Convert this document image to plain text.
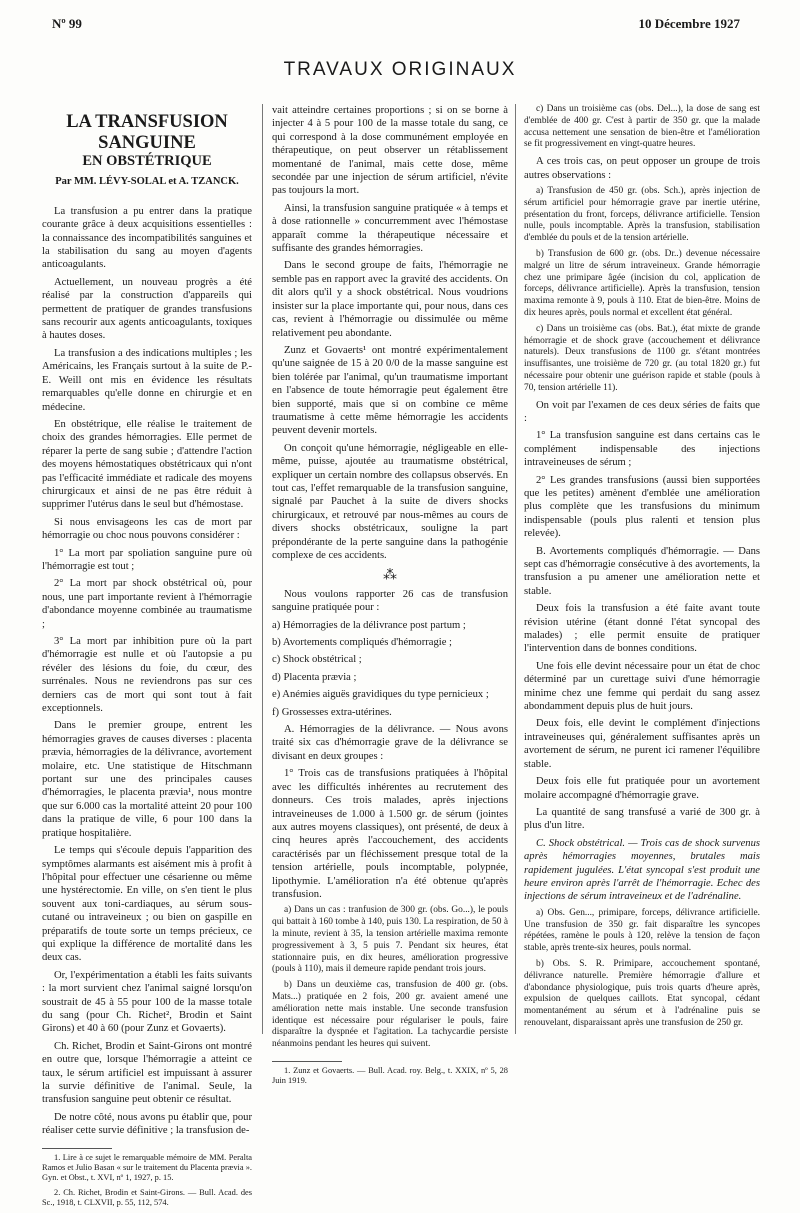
Nº 99	10 Décembre 1927
TRAVAUX ORIGINAUX
LA TRANSFUSION SANGUINE
EN OBSTÉTRIQUE
Par MM. LÉVY-SOLAL et A. TZANCK.

La transfusion a pu entrer dans la pratique courante grâce à deux acquisitions essentielles : la connaissance des incompatibilités sanguines et la stabilisation du sang au moyen d'agents anticoagulants.

Actuellement, un nouveau progrès a été réalisé par la construction d'appareils qui permettent de pratiquer de grandes transfusions sans recourir aux agents anticoagulants, toxiques à hautes doses.

La transfusion a des indications multiples ; les Américains, les Français surtout à la suite de P.-E. Weill ont mis en évidence les résultats remarquables qu'elle donne en chirurgie et en médecine.

En obstétrique, elle réalise le traitement de choix des grandes hémorragies. Elle permet de réparer la perte de sang subie ; d'attendre l'action des moyens hémostatiques obstétricaux qui n'ont pas l'efficacité immédiate et radicale des moyens chirurgicaux et ainsi de ne pas être réduit à supprimer l'utérus dans le seul but d'hémostase.

Si nous envisageons les cas de mort par hémorragie ou choc nous pouvons considérer :

1° La mort par spoliation sanguine pure où l'hémorragie est tout ;

2° La mort par shock obstétrical où, pour nous, une part importante revient à l'hémorragie d'abondance moyenne combinée au traumatisme ;

3° La mort par inhibition pure où la part d'hémorragie est nulle et où l'autopsie a pu révéler des lésions du foie, du cœur, des surrénales. Nous ne reviendrons pas sur ces derniers cas de mort qui sont tout à fait exceptionnels.

Dans le premier groupe, entrent les hémorragies graves de causes diverses : placenta prævia, hémorragies de la délivrance, avortement molaire, etc. Une statistique de Hitschmann portant sur une des principales causes d'hémorragies, le placenta prævia¹, nous montre que sur 6.000 cas la mortalité atteint 20 pour 100 dans la pratique de ville, 6 pour 100 dans la pratique hospitalière.

Le temps qui s'écoule depuis l'apparition des symptômes alarmants est aisément mis à profit à l'hôpital pour effectuer une césarienne ou même une hystérectomie. En ville, on s'en tient le plus souvent aux toni-cardiaques, au sérum sous-cutané ou intraveineux ; ou bien on gaspille en préparatifs de toute sorte un temps précieux, ce qui explique la différence de mortalité dans les deux cas.

Or, l'expérimentation a établi les faits suivants : la mort survient chez l'animal saigné lorsqu'on soustrait de 45 à 55 pour 100 de la masse totale du sang (pour Ch. Richet², Brodin et Saint Girons) et 40 à 60 (pour Zunz et Govaerts).

Ch. Richet, Brodin et Saint-Girons ont montré en outre que, lorsque l'hémorragie a atteint ce taux, le sérum artificiel est impuissant à assurer la survie définitive de l'animal. Seule, la transfusion sanguine peut obtenir ce résultat.

De notre côté, nous avons pu établir que, pour réaliser cette survie définitive ; la transfusion de-

1. Lire à ce sujet le remarquable mémoire de MM. Peralta Ramos et Julio Basan « sur le traitement du Placenta prævia ». Gyn. et Obst., t. XVI, nº 1, 1927, p. 15.

2. Ch. Richet, Brodin et Saint-Girons. — Bull. Acad. des Sc., 1918, t. CLXVII, p. 55, 112, 574.

vait atteindre certaines proportions ; si on se borne à injecter 4 à 5 pour 100 de la masse totale du sang, ce qui correspond à la dose communément employée en thérapeutique, on peut observer un rétablissement momentané de l'animal, mais cette dose, même secondée par une injection de sérum artificiel, n'évite pas toujours la mort.

Ainsi, la transfusion sanguine pratiquée « à temps et à dose rationnelle » concurremment avec l'hémostase apparaît comme la thérapeutique nécessaire et suffisante des grandes hémorragies.

Dans le second groupe de faits, l'hémorragie ne semble pas en rapport avec la gravité des accidents. On dit alors qu'il y a shock obstétrical. Nous voudrions insister sur la place importante qui, pour nous, dans ces cas, revient à l'hémorragie ou dissimulée ou même relativement peu abondante.

Zunz et Govaerts¹ ont montré expérimentalement qu'une saignée de 15 à 20 0/0 de la masse sanguine est bien tolérée par l'animal, qu'un traumatisme important en l'absence de toute hémorragie peut également être bien supporté, mais que si on combine ce même traumatisme à cette même hémorragie les accidents peuvent devenir mortels.

On conçoit qu'une hémorragie, négligeable en elle-même, puisse, ajoutée au traumatisme obstétrical, expliquer un certain nombre des collapsus observés. En tout cas, l'effet remarquable de la transfusion sanguine, signalé par Pauchet à la suite de divers shocks chirurgicaux, et retrouvé par nous-mêmes au cours de divers shocks obstétricaux, souligne la part prépondérante de la perte sanguine dans la pathogénie complexe de ces accidents.

⁂

Nous voulons rapporter 26 cas de transfusion sanguine pratiquée pour :

a) Hémorragies de la délivrance post partum ;

b) Avortements compliqués d'hémorragie ;

c) Shock obstétrical ;

d) Placenta prævia ;

e) Anémies aiguës gravidiques du type pernicieux ;

f) Grossesses extra-utérines.

A. Hémorragies de la délivrance. — Nous avons traité six cas d'hémorragie grave de la délivrance se divisant en deux groupes :

1° Trois cas de transfusions pratiquées à l'hôpital avec les difficultés inhérentes au recrutement des donneurs. Ces trois malades, après injections intraveineuses de 1.000 à 1.500 gr. de sérum (jointes aux autres moyens classiques), ont présenté, de deux à cinq heures après l'accouchement, des accidents caractérisés par un fléchissement presque total de la tension artérielle, pouls incomptable, polypnée, lipothymie. L'amélioration n'a été obtenue qu'après transfusion.

a) Dans un cas : tranfusion de 300 gr. (obs. Go...), le pouls qui battait à 160 tombe à 140, puis 130. La respiration, de 50 à la minute, revient à 35, la tension artérielle maxima remonte progressivement à 3, 5 puis 7. Pendant six heures, état stationnaire puis, en dix heures, amélioration progressive (pouls à 110), mais il demeure rapide pendant trois jours.

b) Dans un deuxième cas, transfusion de 400 gr. (obs. Mats...) pratiquée en 2 fois, 200 gr. avaient amené une amélioration nette mais instable. Une seconde transfusion identique est nécessaire pour régulariser le pouls, faire disparaître la dyspnée et l'agitation. La tachycardie persiste néanmoins pendant les heures qui suivent.

1. Zunz et Govaerts. — Bull. Acad. roy. Belg., t. XXIX, nº 5, 28 Juin 1919.

c) Dans un troisième cas (obs. Del...), la dose de sang est d'emblée de 400 gr. C'est à partir de 350 gr. que la malade accusa nettement une sensation de bien-être et l'amélioration se fit progressivement en vingt-quatre heures.

A ces trois cas, on peut opposer un groupe de trois autres observations :

a) Transfusion de 450 gr. (obs. Sch.), après injection de sérum artificiel pour hémorragie grave par inertie utérine, présentation du front, forceps, délivrance artificielle. Tension nulle, pouls incomptable. Après la transfusion, stabilisation d'emblée du pouls et de la tension artérielle.

b) Transfusion de 600 gr. (obs. Dr..) devenue nécessaire malgré un litre de sérum intraveineux. Grande hémorragie chez une primipare âgée (incision du col, application de forceps, délivrance artificielle). Après la transfusion, tension maxima remonte à 9, pouls à 110. Etat de bien-être. Moins de dix heures après, pouls normal et excellent état général.

c) Dans un troisième cas (obs. Bat.), état mixte de grande hémorragie et de shock grave (accouchement et délivrance naturels). Deux transfusions de 1100 gr. s'étant montrées insuffisantes, une troisième de 720 gr. (au total 1820 gr.) fut nécessaire pour obtenir une guérison rapide et stable (pouls à 70, tension artérielle 11).

On voit par l'examen de ces deux séries de faits que :

1° La transfusion sanguine est dans certains cas le complément indispensable des injections intraveineuses de sérum ;

2° Les grandes transfusions (aussi bien supportées que les petites) amènent d'emblée une amélioration plus complète que les transfusions du minimum indispensable (pouls plus ralenti et tension plus relevée).

B. Avortements compliqués d'hémorragie. — Dans sept cas d'hémorragie consécutive à des avortements, la transfusion a pu amener une amélioration nette et stable.

Deux fois la transfusion a été faite avant toute révision utérine (étant donné l'état syncopal des malades) ; elle permit ensuite de pratiquer l'intervention dans de bonnes conditions.

Une fois elle devint nécessaire pour un état de choc déterminé par un curettage suivi d'une hémorragie minime chez une femme qui perdait du sang assez abondamment depuis plus de huit jours.

Deux fois, elle devint le complément d'injections intraveineuses qui, généralement suffisantes après un avortement de sérum, ne purent ici ramener l'équilibre stable.

Deux fois elle fut pratiquée pour un avortement molaire accompagné d'hémorragie grave.

La quantité de sang transfusé a varié de 300 gr. à plus d'un litre.

C. Shock obstétrical. — Trois cas de shock survenus après hémorragies moyennes, brutales mais rapidement jugulées. L'état syncopal s'est produit une heure environ après l'arrêt de l'hémorragie. Echec des injections de sérum intraveineux et de l'adrénaline.

a) Obs. Gen..., primipare, forceps, délivrance artificielle. Une transfusion de 350 gr. fait disparaître les syncopes répétées, ramène le pouls à 120, relève la tension de façon stable, après trente-six heures, pouls normal.

b) Obs. S. R. Primipare, accouchement spontané, délivrance naturelle. Première hémorragie d'allure et d'abondance physiologique, puis trois quarts d'heure après, expulsion de quelques caillots. Etat syncopal, cédant momentanément au sérum et à l'adrénaline puis se renouvelant, disparaissant après une transfusion de 250 gr.
